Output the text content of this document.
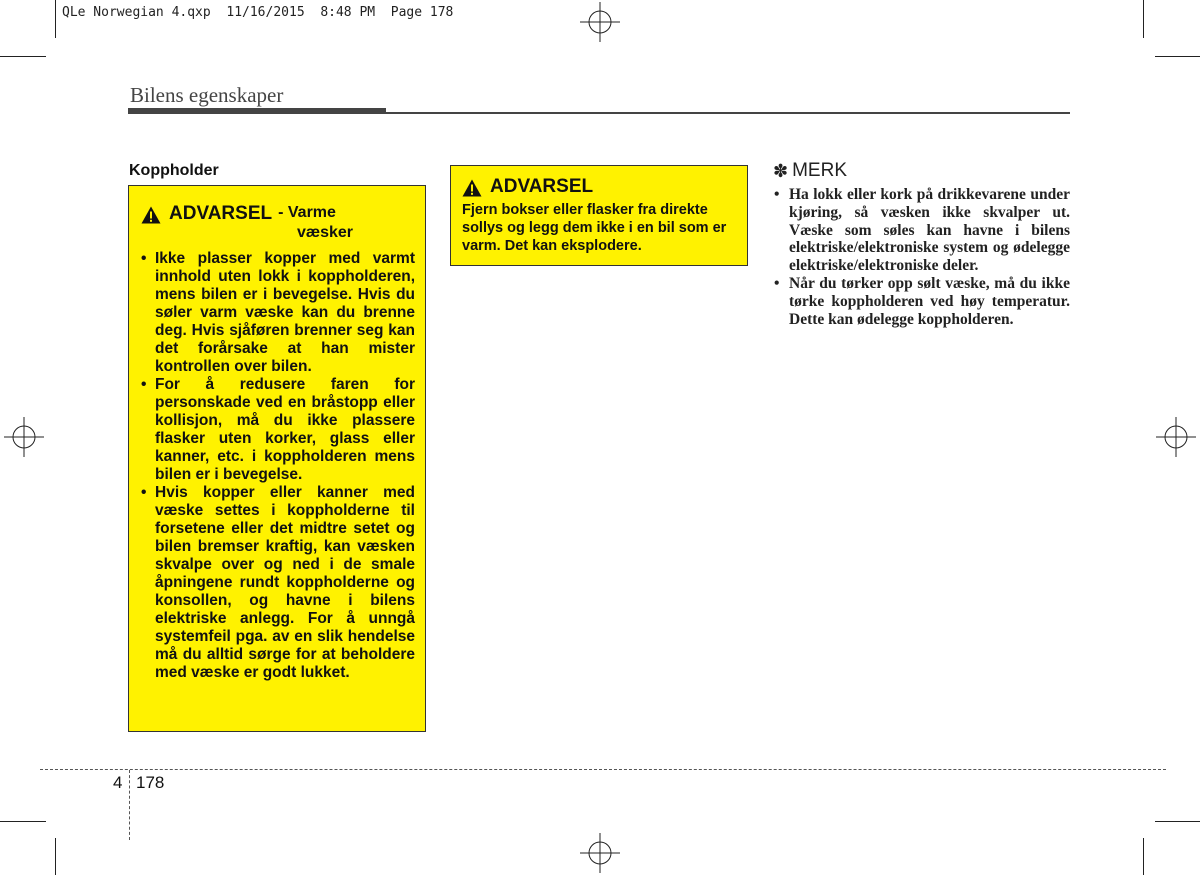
QLe Norwegian 4.qxp 11/16/2015 8:48 PM Page 178
Bilens egenskaper
Koppholder
ADVARSEL - Varme
væsker
• Ikke plasser kopper med varmt innhold uten lokk i koppholderen, mens bilen er i bevegelse. Hvis du søler varm væske kan du brenne deg. Hvis sjåføren brenner seg kan det forårsake at han mister kontrollen over bilen.
• For å redusere faren for personskade ved en bråstopp eller kollisjon, må du ikke plassere flasker uten korker, glass eller kanner, etc. i koppholderen mens bilen er i bevegelse.
• Hvis kopper eller kanner med væske settes i koppholderne til forsetene eller det midtre setet og bilen bremser kraftig, kan væsken skvalpe over og ned i de smale åpningene rundt koppholderne og konsollen, og havne i bilens elektriske anlegg. For å unngå systemfeil pga. av en slik hendelse må du alltid sørge for at beholdere med væske er godt lukket.
ADVARSEL
Fjern bokser eller flasker fra direkte sollys og legg dem ikke i en bil som er varm. Det kan eksplodere.
✽ MERK
• Ha lokk eller kork på drikkevarene under kjøring, så væsken ikke skvalper ut. Væske som søles kan havne i bilens elektriske/elektroniske system og ødelegge elektriske/elektroniske deler.
• Når du tørker opp sølt væske, må du ikke tørke koppholderen ved høy temperatur. Dette kan ødelegge koppholderen.
4 178
